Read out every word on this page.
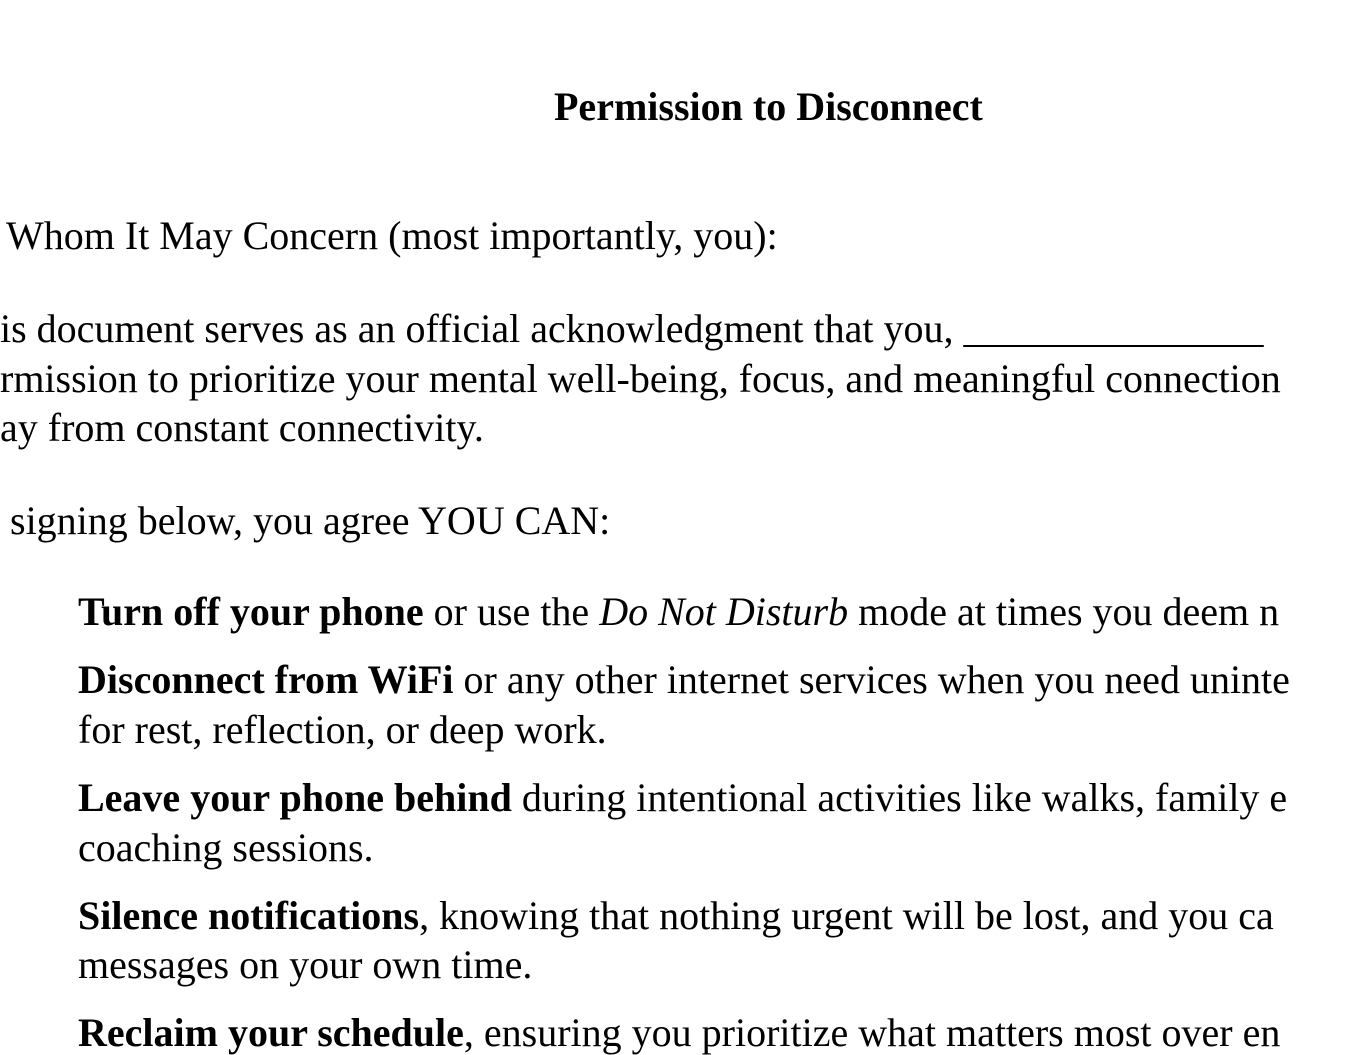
Permission to Disconnect

Whom It May Concern (most importantly, you):

is document serves as an official acknowledgment that you, _______________

rmission to prioritize your mental well-being, focus, and meaningful connection

ay from constant connectivity.

signing below, you agree YOU CAN:

Turn off your phone or use the Do Not Disturb mode at times you deem n

Disconnect from WiFi or any other internet services when you need uninte

for rest, reflection, or deep work.

Leave your phone behind during intentional activities like walks, family e

coaching sessions.

Silence notifications, knowing that nothing urgent will be lost, and you ca

messages on your own time.

Reclaim your schedule, ensuring you prioritize what matters most over en
